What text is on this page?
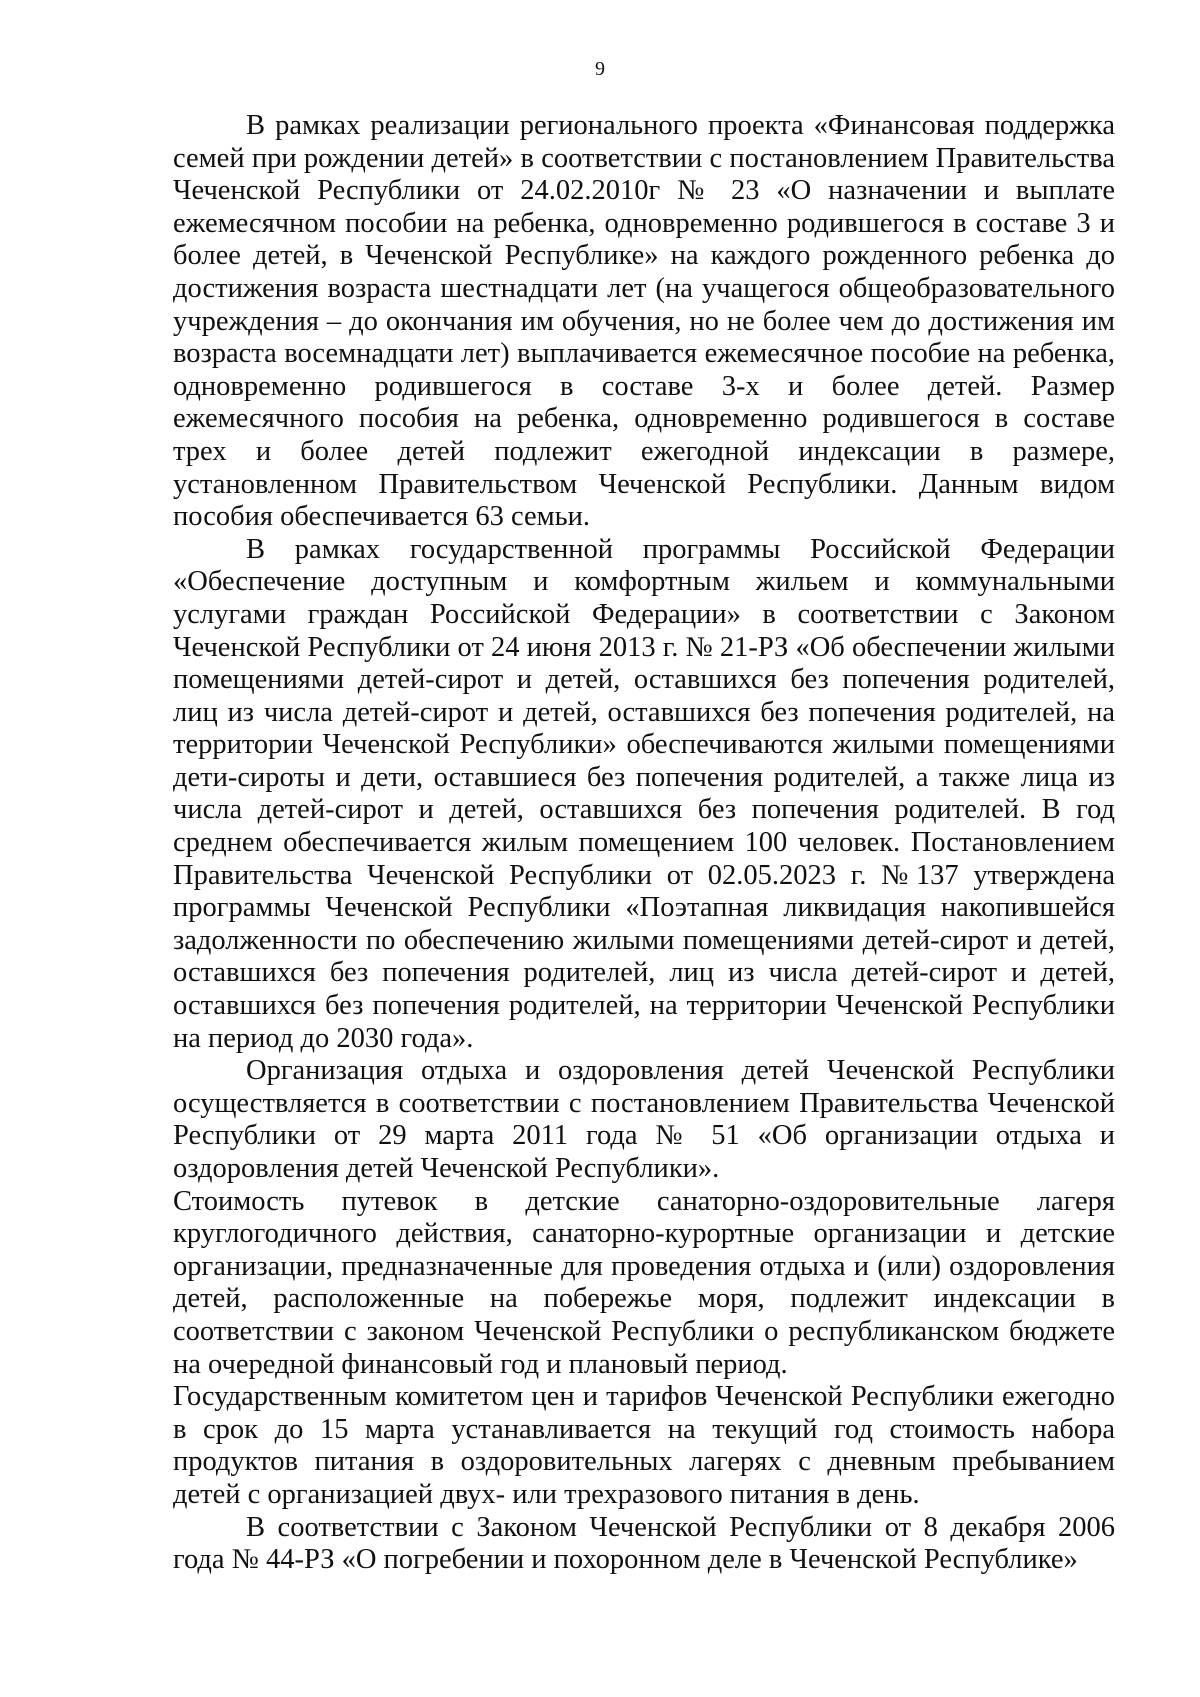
9

В рамках реализации регионального проекта «Финансовая поддержка семей при рождении детей» в соответствии с постановлением Правительства Чеченской Республики от 24.02.2010г № 23 «О назначении и выплате ежемесячном пособии на ребенка, одновременно родившегося в составе 3 и более детей, в Чеченской Республике» на каждого рожденного ребенка до достижения возраста шестнадцати лет (на учащегося общеобразовательного учреждения – до окончания им обучения, но не более чем до достижения им возраста восемнадцати лет) выплачивается ежемесячное пособие на ребенка, одновременно родившегося в составе 3-х и более детей. Размер ежемесячного пособия на ребенка, одновременно родившегося в составе трех и более детей подлежит ежегодной индексации в размере, установленном Правительством Чеченской Республики. Данным видом пособия обеспечивается 63 семьи.

В рамках государственной программы Российской Федерации «Обеспечение доступным и комфортным жильем и коммунальными услугами граждан Российской Федерации» в соответствии с Законом Чеченской Республики от 24 июня 2013 г. № 21-РЗ «Об обеспечении жилыми помещениями детей-сирот и детей, оставшихся без попечения родителей, лиц из числа детей-сирот и детей, оставшихся без попечения родителей, на территории Чеченской Республики» обеспечиваются жилыми помещениями дети-сироты и дети, оставшиеся без попечения родителей, а также лица из числа детей-сирот и детей, оставшихся без попечения родителей. В год среднем обеспечивается жилым помещением 100 человек. Постановлением Правительства Чеченской Республики от 02.05.2023 г. №137 утверждена программы Чеченской Республики «Поэтапная ликвидация накопившейся задолженности по обеспечению жилыми помещениями детей-сирот и детей, оставшихся без попечения родителей, лиц из числа детей-сирот и детей, оставшихся без попечения родителей, на территории Чеченской Республики на период до 2030 года».

Организация отдыха и оздоровления детей Чеченской Республики осуществляется в соответствии с постановлением Правительства Чеченской Республики от 29 марта 2011 года № 51 «Об организации отдыха и оздоровления детей Чеченской Республики».

Стоимость путевок в детские санаторно-оздоровительные лагеря круглогодичного действия, санаторно-курортные организации и детские организации, предназначенные для проведения отдыха и (или) оздоровления детей, расположенные на побережье моря, подлежит индексации в соответствии с законом Чеченской Республики о республиканском бюджете на очередной финансовый год и плановый период.

Государственным комитетом цен и тарифов Чеченской Республики ежегодно в срок до 15 марта устанавливается на текущий год стоимость набора продуктов питания в оздоровительных лагерях с дневным пребыванием детей с организацией двух- или трехразового питания в день.

В соответствии с Законом Чеченской Республики от 8 декабря 2006 года № 44-РЗ «О погребении и похоронном деле в Чеченской Республике»
